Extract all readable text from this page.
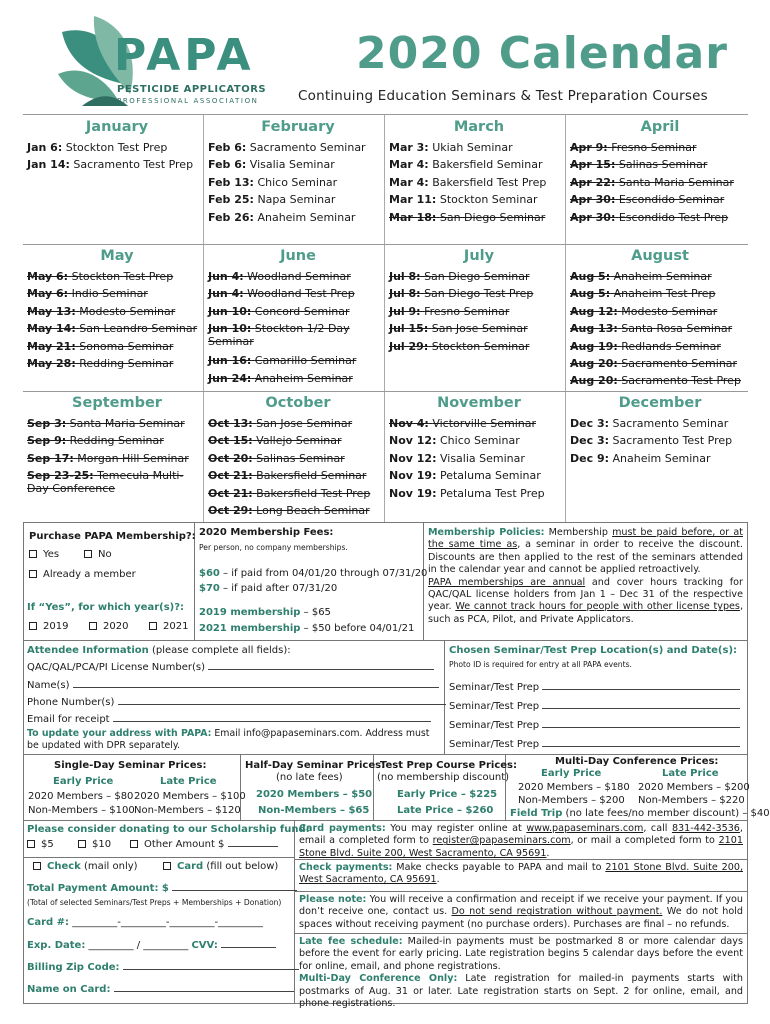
PAPA
PESTICIDE APPLICATORS
PROFESSIONAL ASSOCIATION
2020 Calendar
Continuing Education Seminars & Test Preparation Courses
January
Jan 6: Stockton Test Prep
Jan 14: Sacramento Test Prep
February
Feb 6: Sacramento Seminar
Feb 6: Visalia Seminar
Feb 13: Chico Seminar
Feb 25: Napa Seminar
Feb 26: Anaheim Seminar
March
Mar 3: Ukiah Seminar
Mar 4: Bakersfield Seminar
Mar 4: Bakersfield Test Prep
Mar 11: Stockton Seminar
Mar 18: San Diego Seminar
April
Apr 9: Fresno Seminar
Apr 15: Salinas Seminar
Apr 22: Santa Maria Seminar
Apr 30: Escondido Seminar
Apr 30: Escondido Test Prep
May
May 6: Stockton Test Prep
May 6: Indio Seminar
May 13: Modesto Seminar
May 14: San Leandro Seminar
May 21: Sonoma Seminar
May 28: Redding Seminar
June
Jun 4: Woodland Seminar
Jun 4: Woodland Test Prep
Jun 10: Concord Seminar
Jun 10: Stockton 1/2 Day Seminar
Jun 16: Camarillo Seminar
Jun 24: Anaheim Seminar
July
Jul 8: San Diego Seminar
Jul 8: San Diego Test Prep
Jul 9: Fresno Seminar
Jul 15: San Jose Seminar
Jul 29: Stockton Seminar
August
Aug 5: Anaheim Seminar
Aug 5: Anaheim Test Prep
Aug 12: Modesto Seminar
Aug 13: Santa Rosa Seminar
Aug 19: Redlands Seminar
Aug 20: Sacramento Seminar
Aug 20: Sacramento Test Prep
September
Sep 3: Santa Maria Seminar
Sep 9: Redding Seminar
Sep 17: Morgan Hill Seminar
Sep 23-25: Temecula Multi-Day Conference
October
Oct 13: San Jose Seminar
Oct 15: Vallejo Seminar
Oct 20: Salinas Seminar
Oct 21: Bakersfield Seminar
Oct 21: Bakersfield Test Prep
Oct 29: Long Beach Seminar
November
Nov 4: Victorville Seminar
Nov 12: Chico Seminar
Nov 12: Visalia Seminar
Nov 19: Petaluma Seminar
Nov 19: Petaluma Test Prep
December
Dec 3: Sacramento Seminar
Dec 3: Sacramento Test Prep
Dec 9: Anaheim Seminar
Purchase PAPA Membership?:
Yes	No
Already a member
If “Yes”, for which year(s)?:
2019	2020	2021
2020 Membership Fees:
Per person, no company memberships.
$60 – if paid from 04/01/20 through 07/31/20
$70 – if paid after 07/31/20
2019 membership – $65
2021 membership – $50 before 04/01/21
Membership Policies: Membership must be paid before, or at the same time as, a seminar in order to receive the discount. Discounts are then applied to the rest of the seminars attended in the calendar year and cannot be applied retroactively.
PAPA memberships are annual and cover hours tracking for QAC/QAL license holders from Jan 1 – Dec 31 of the respective year. We cannot track hours for people with other license types, such as PCA, Pilot, and Private Applicators.
Attendee Information (please complete all fields):
QAC/QAL/PCA/PI License Number(s)
Name(s)
Phone Number(s)
Email for receipt
To update your address with PAPA: Email info@papaseminars.com. Address must be updated with DPR separately.
Chosen Seminar/Test Prep Location(s) and Date(s):
Photo ID is required for entry at all PAPA events.
Seminar/Test Prep
Seminar/Test Prep
Seminar/Test Prep
Seminar/Test Prep
Single-Day Seminar Prices:
Early Price	Late Price
2020 Members – $80 2020 Members – $100
Non-Members – $100 Non-Members – $120
Half-Day Seminar Prices:
(no late fees)
2020 Members – $50
Non-Members – $65
Test Prep Course Prices:
(no membership discount)
Early Price – $225
Late Price – $260
Multi-Day Conference Prices:
Early Price	Late Price
2020 Members – $180 2020 Members – $200
Non-Members – $200 Non-Members – $220
Field Trip (no late fees/no member discount) – $40
Please consider donating to our Scholarship fund:
$5	$10	Other Amount $
Check (mail only)	Card (fill out below)
Total Payment Amount: $
(Total of selected Seminars/Test Preps + Memberships + Donation)
Card #: _________-_________-_________-_________
Exp. Date: _________ / _________ CVV:
Billing Zip Code:
Name on Card:
Card payments: You may register online at www.papaseminars.com, call 831-442-3536, email a completed form to register@papaseminars.com, or mail a completed form to 2101 Stone Blvd. Suite 200, West Sacramento, CA 95691.
Check payments: Make checks payable to PAPA and mail to 2101 Stone Blvd. Suite 200, West Sacramento, CA 95691.
Please note: You will receive a confirmation and receipt if we receive your payment. If you don’t receive one, contact us. Do not send registration without payment. We do not hold spaces without receiving payment (no purchase orders). Purchases are final – no refunds.
Late fee schedule: Mailed-in payments must be postmarked 8 or more calendar days before the event for early pricing. Late registration begins 5 calendar days before the event for online, email, and phone registrations.
Multi-Day Conference Only: Late registration for mailed-in payments starts with postmarks of Aug. 31 or later. Late registration starts on Sept. 2 for online, email, and phone registrations.
